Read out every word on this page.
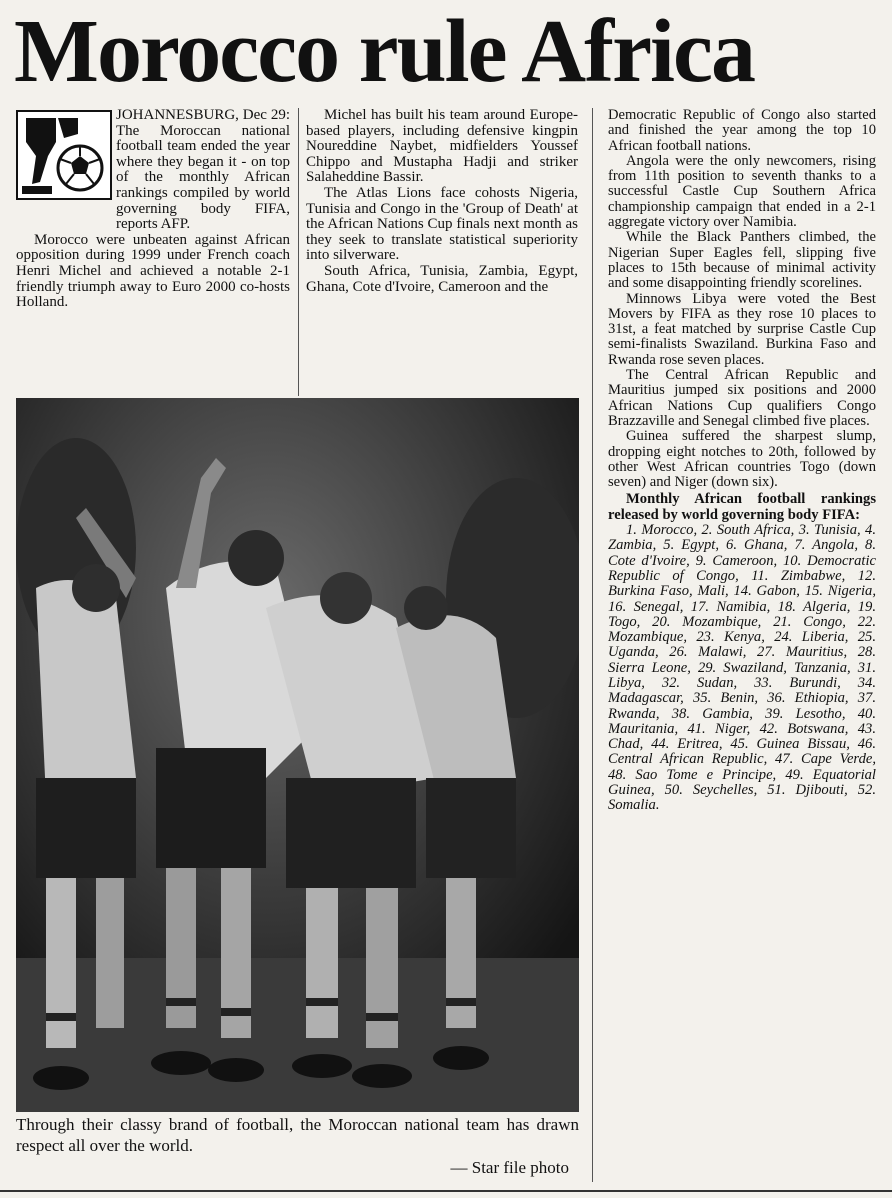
Morocco rule Africa

JOHANNESBURG, Dec 29: The Moroccan national football team ended the year where they began it - on top of the monthly African rankings compiled by world governing body FIFA, reports AFP.

Morocco were unbeaten against African opposition during 1999 under French coach Henri Michel and achieved a notable 2-1 friendly triumph away to Euro 2000 co-hosts Holland.

Michel has built his team around Europe-based players, including defensive kingpin Noureddine Naybet, midfielders Youssef Chippo and Mustapha Hadji and striker Salaheddine Bassir.

The Atlas Lions face cohosts Nigeria, Tunisia and Congo in the 'Group of Death' at the African Nations Cup finals next month as they seek to translate statistical superiority into silverware.

South Africa, Tunisia, Zambia, Egypt, Ghana, Cote d'Ivoire, Cameroon and the

Democratic Republic of Congo also started and finished the year among the top 10 African football nations.

Angola were the only newcomers, rising from 11th position to seventh thanks to a successful Castle Cup Southern Africa championship campaign that ended in a 2-1 aggregate victory over Namibia.

While the Black Panthers climbed, the Nigerian Super Eagles fell, slipping five places to 15th because of minimal activity and some disappointing friendly scorelines.

Minnows Libya were voted the Best Movers by FIFA as they rose 10 places to 31st, a feat matched by surprise Castle Cup semi-finalists Swaziland. Burkina Faso and Rwanda rose seven places.

The Central African Republic and Mauritius jumped six positions and 2000 African Nations Cup qualifiers Congo Brazzaville and Senegal climbed five places.

Guinea suffered the sharpest slump, dropping eight notches to 20th, followed by other West African countries Togo (down seven) and Niger (down six).

Monthly African football rankings released by world governing body FIFA:

1. Morocco, 2. South Africa, 3. Tunisia, 4. Zambia, 5. Egypt, 6. Ghana, 7. Angola, 8. Cote d'Ivoire, 9. Cameroon, 10. Democratic Republic of Congo, 11. Zimbabwe, 12. Burkina Faso, Mali, 14. Gabon, 15. Nigeria, 16. Senegal, 17. Namibia, 18. Algeria, 19. Togo, 20. Mozambique, 21. Congo, 22. Mozambique, 23. Kenya, 24. Liberia, 25. Uganda, 26. Malawi, 27. Mauritius, 28. Sierra Leone, 29. Swaziland, Tanzania, 31. Libya, 32. Sudan, 33. Burundi, 34. Madagascar, 35. Benin, 36. Ethiopia, 37. Rwanda, 38. Gambia, 39. Lesotho, 40. Mauritania, 41. Niger, 42. Botswana, 43. Chad, 44. Eritrea, 45. Guinea Bissau, 46. Central African Republic, 47. Cape Verde, 48. Sao Tome e Principe, 49. Equatorial Guinea, 50. Seychelles, 51. Djibouti, 52. Somalia.

Through their classy brand of football, the Moroccan national team has drawn respect all over the world.
— Star file photo
